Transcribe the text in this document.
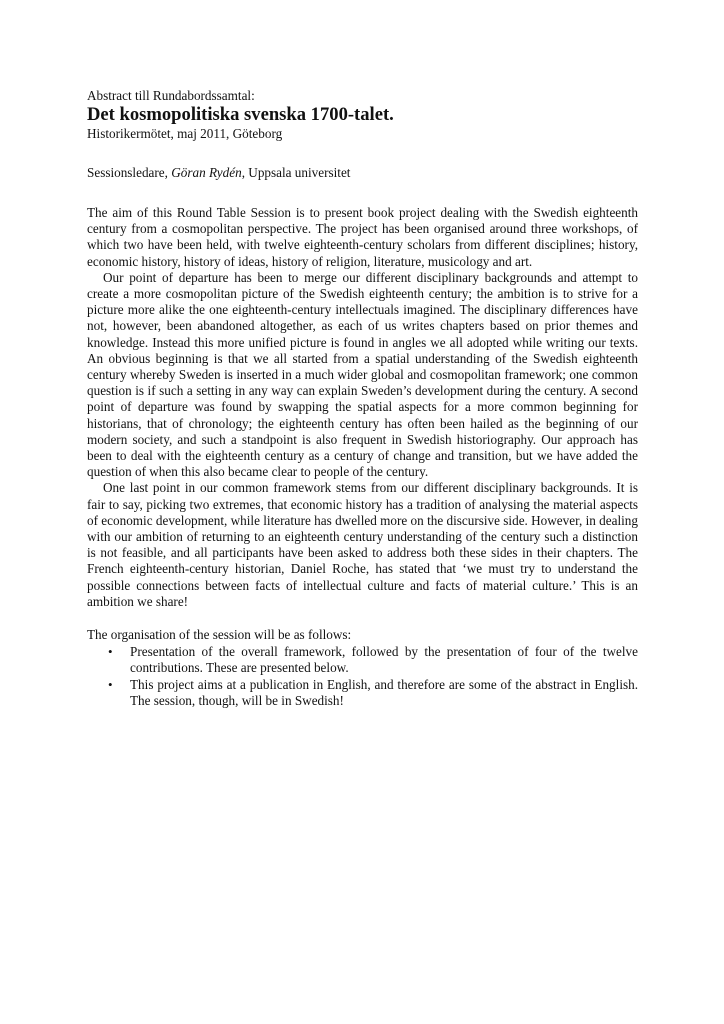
Abstract till Rundabordssamtal:

Det kosmopolitiska svenska 1700-talet.

Historikermötet, maj 2011, Göteborg

Sessionsledare, Göran Rydén, Uppsala universitet

The aim of this Round Table Session is to present book project dealing with the Swedish eighteenth century from a cosmopolitan perspective. The project has been organised around three workshops, of which two have been held, with twelve eighteenth-century scholars from different disciplines; history, economic history, history of ideas, history of religion, literature, musicology and art.

Our point of departure has been to merge our different disciplinary backgrounds and attempt to create a more cosmopolitan picture of the Swedish eighteenth century; the ambition is to strive for a picture more alike the one eighteenth-century intellectuals imagined. The disciplinary differences have not, however, been abandoned altogether, as each of us writes chapters based on prior themes and knowledge. Instead this more unified picture is found in angles we all adopted while writing our texts. An obvious beginning is that we all started from a spatial understanding of the Swedish eighteenth century whereby Sweden is inserted in a much wider global and cosmopolitan framework; one common question is if such a setting in any way can explain Sweden’s development during the century. A second point of departure was found by swapping the spatial aspects for a more common beginning for historians, that of chronology; the eighteenth century has often been hailed as the beginning of our modern society, and such a standpoint is also frequent in Swedish historiography. Our approach has been to deal with the eighteenth century as a century of change and transition, but we have added the question of when this also became clear to people of the century.

One last point in our common framework stems from our different disciplinary backgrounds. It is fair to say, picking two extremes, that economic history has a tradition of analysing the material aspects of economic development, while literature has dwelled more on the discursive side. However, in dealing with our ambition of returning to an eighteenth century understanding of the century such a distinction is not feasible, and all participants have been asked to address both these sides in their chapters. The French eighteenth-century historian, Daniel Roche, has stated that ‘we must try to understand the possible connections between facts of intellectual culture and facts of material culture.’ This is an ambition we share!

The organisation of the session will be as follows:

• Presentation of the overall framework, followed by the presentation of four of the twelve contributions. These are presented below.
• This project aims at a publication in English, and therefore are some of the abstract in English. The session, though, will be in Swedish!
